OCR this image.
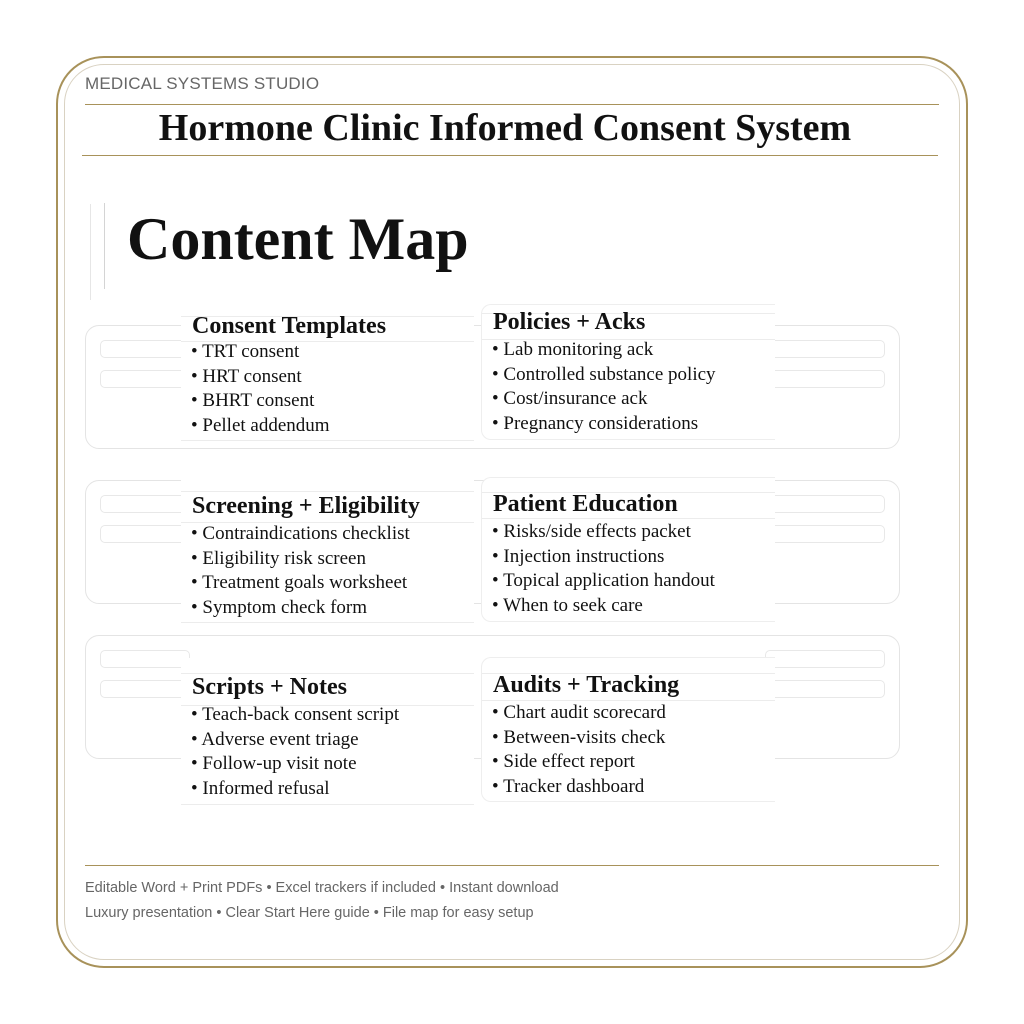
MEDICAL SYSTEMS STUDIO
Hormone Clinic Informed Consent System
Content Map
Consent Templates
• TRT consent
• HRT consent
• BHRT consent
• Pellet addendum
Policies + Acks
• Lab monitoring ack
• Controlled substance policy
• Cost/insurance ack
• Pregnancy considerations
Screening + Eligibility
• Contraindications checklist
• Eligibility risk screen
• Treatment goals worksheet
• Symptom check form
Patient Education
• Risks/side effects packet
• Injection instructions
• Topical application handout
• When to seek care
Scripts + Notes
• Teach-back consent script
• Adverse event triage
• Follow-up visit note
• Informed refusal
Audits + Tracking
• Chart audit scorecard
• Between-visits check
• Side effect report
• Tracker dashboard
Editable Word + Print PDFs • Excel trackers if included • Instant download
Luxury presentation • Clear Start Here guide • File map for easy setup
